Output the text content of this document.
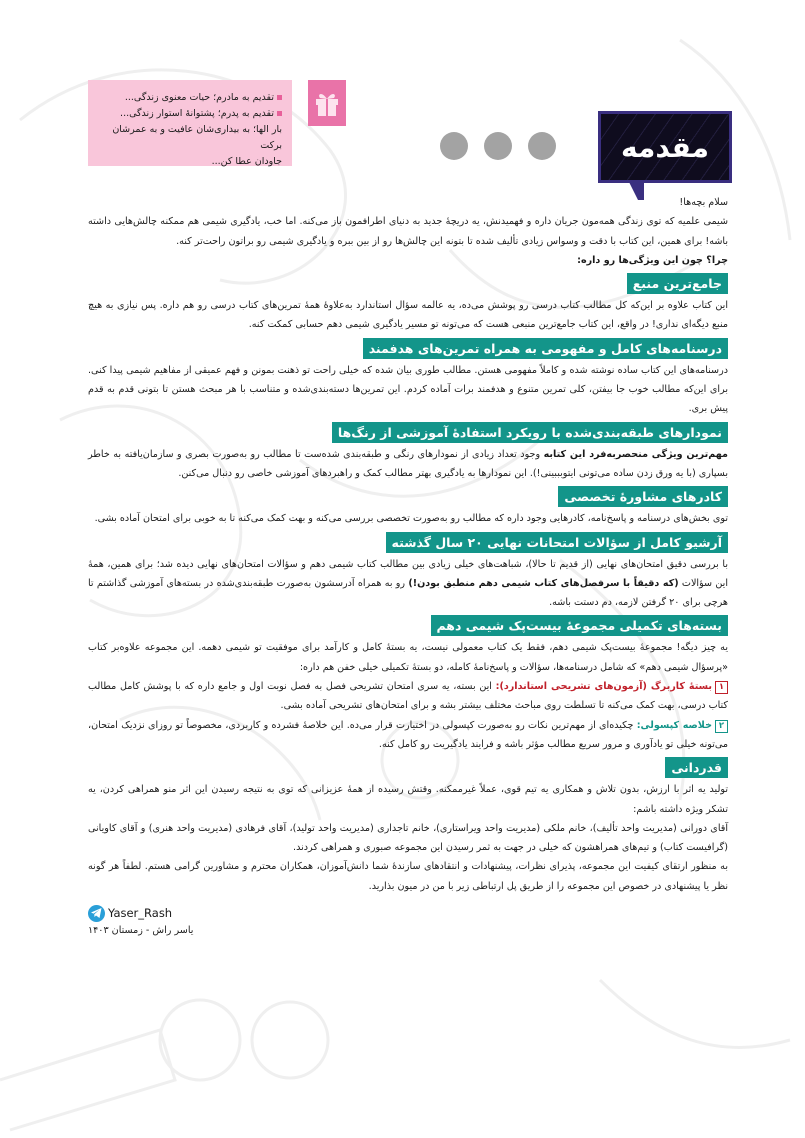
تقدیم به مادرم؛ حیات معنوی زندگی...
تقدیم به پدرم؛ پشتوانهٔ استوار زندگی...
بار الها؛ به بیداری‌شان عافیت و به عمرشان برکت
جاودان عطا کن...	مقدمه

سلام بچه‌ها!

شیمی علمیه که توی زندگی همه‌مون جریان داره و فهمیدنش، یه دریچهٔ جدید به دنیای اطرافمون باز می‌کنه. اما خب، یادگیری شیمی هم ممکنه چالش‌هایی داشته باشه! برای همین، این کتاب با دقت و وسواس زیادی تألیف شده تا بتونه این چالش‌ها رو از بین ببره و یادگیری شیمی رو براتون راحت‌تر کنه.

چرا؟ چون این ویژگی‌ها رو داره:

جامع‌ترین منبع

این کتاب علاوه بر این‌که کل مطالب کتاب درسی رو پوشش می‌ده، یه عالمه سؤال استاندارد به‌علاوهٔ همهٔ تمرین‌های کتاب درسی رو هم داره. پس نیازی به هیچ منبع دیگه‌ای نداری! در واقع، این کتاب جامع‌ترین منبعی هست که می‌تونه تو مسیر یادگیری شیمی دهم حسابی کمکت کنه.

درسنامه‌های کامل و مفهومی به همراه تمرین‌های هدفمند

درسنامه‌های این کتاب ساده نوشته شده و کاملاً مفهومی هستن. مطالب طوری بیان شده که خیلی راحت تو ذهنت بمونن و فهم عمیقی از مفاهیم شیمی پیدا کنی. برای این‌که مطالب خوب جا بیفتن، کلی تمرین متنوع و هدفمند برات آماده کردم. این تمرین‌ها دسته‌بندی‌شده و متناسب با هر مبحث هستن تا بتونی قدم به قدم پیش بری.

نمودارهای طبقه‌بندی‌شده با رویکرد استفادهٔ آموزشی از رنگ‌ها

مهم‌ترین ویژگی منحصربه‌فرد این کتابه وجود تعداد زیادی از نمودارهای رنگی و طبقه‌بندی شده‌ست تا مطالب رو به‌صورت بصری و سازمان‌یافته به خاطر بسپاری (با یه ورق زدن ساده می‌تونی ایتوبببینی!). این نمودارها به یادگیری بهتر مطالب کمک و راهبردهای آموزشی خاصی رو دنبال می‌کنن.

کادرهای مشاورهٔ تخصصی

توی بخش‌های درسنامه و پاسخ‌نامه، کادرهایی وجود داره که مطالب رو به‌صورت تخصصی بررسی می‌کنه و بهت کمک می‌کنه تا به خوبی برای امتحان آماده بشی.

آرشیو کامل از سؤالات امتحانات نهایی ۲۰ سال گذشته

با بررسی دقیق امتحان‌های نهایی (از قدیم تا حالا)، شباهت‌های خیلی زیادی بین مطالب کتاب شیمی دهم و سؤالات امتحان‌های نهایی دیده شد؛ برای همین، همهٔ این سؤالات (که دقیقاً با سرفصل‌های کتاب شیمی دهم منطبق بودن!) رو به همراه آدرسشون به‌صورت طبقه‌بندی‌شده در بسته‌های آموزشی گذاشتم تا هرچی برای ۲۰ گرفتن لازمه، دم دستت باشه.

بسته‌های تکمیلی مجموعهٔ بیست‌پک شیمی دهم

یه چیز دیگه! مجموعهٔ بیست‌پک شیمی دهم، فقط یک کتاب معمولی نیست، یه بستهٔ کامل و کارآمد برای موفقیت تو شیمی دهمه. این مجموعه علاوه‌بر کتاب «پرسؤال شیمی دهم» که شامل درسنامه‌ها، سؤالات و پاسخ‌نامهٔ کامله، دو بستهٔ تکمیلی خیلی خفن هم داره:

۱بستهٔ کاربرگ (آزمون‌های تشریحی استاندارد): این بسته، یه سری امتحان تشریحی فصل به فصل نوبت اول و جامع داره که با پوشش کامل مطالب کتاب درسی، بهت کمک می‌کنه تا تسلطت روی مباحث مختلف بیشتر بشه و برای امتحان‌های تشریحی آماده بشی.

۲خلاصه کپسولی: چکیده‌ای از مهم‌ترین نکات رو به‌صورت کپسولی در اختیارت قرار می‌ده. این خلاصهٔ فشرده و کاربردی، مخصوصاً تو روزای نزدیک امتحان، می‌تونه خیلی تو یادآوری و مرور سریع مطالب مؤثر باشه و فرایند یادگیریت رو کامل کنه.

قدردانی

تولید یه اثر با ارزش، بدون تلاش و همکاری یه تیم قوی، عملاً غیرممکنه. وقتش رسیده از همهٔ عزیزانی که توی به نتیجه رسیدن این اثر منو همراهی کردن، یه تشکر ویژه داشته باشم:

آقای دورانی (مدیریت واحد تألیف)، خانم ملکی (مدیریت واحد ویراستاری)، خانم تاجداری (مدیریت واحد تولید)، آقای فرهادی (مدیریت واحد هنری) و آقای کاویانی (گرافیست کتاب) و تیم‌های همراهشون که خیلی در جهت به ثمر رسیدن این مجموعه صبوری و همراهی کردند.

به منظور ارتقای کیفیت این مجموعه، پذیرای نظرات، پیشنهادات و انتقادهای سازندهٔ شما دانش‌آموزان، همکاران محترم و مشاورین گرامی هستم. لطفاً هر گونه نظر یا پیشنهادی در خصوص این مجموعه را از طریق پل ارتباطی زیر با من در میون بذارید.

Yaser_Rash
یاسر راش - زمستان ۱۴۰۳
